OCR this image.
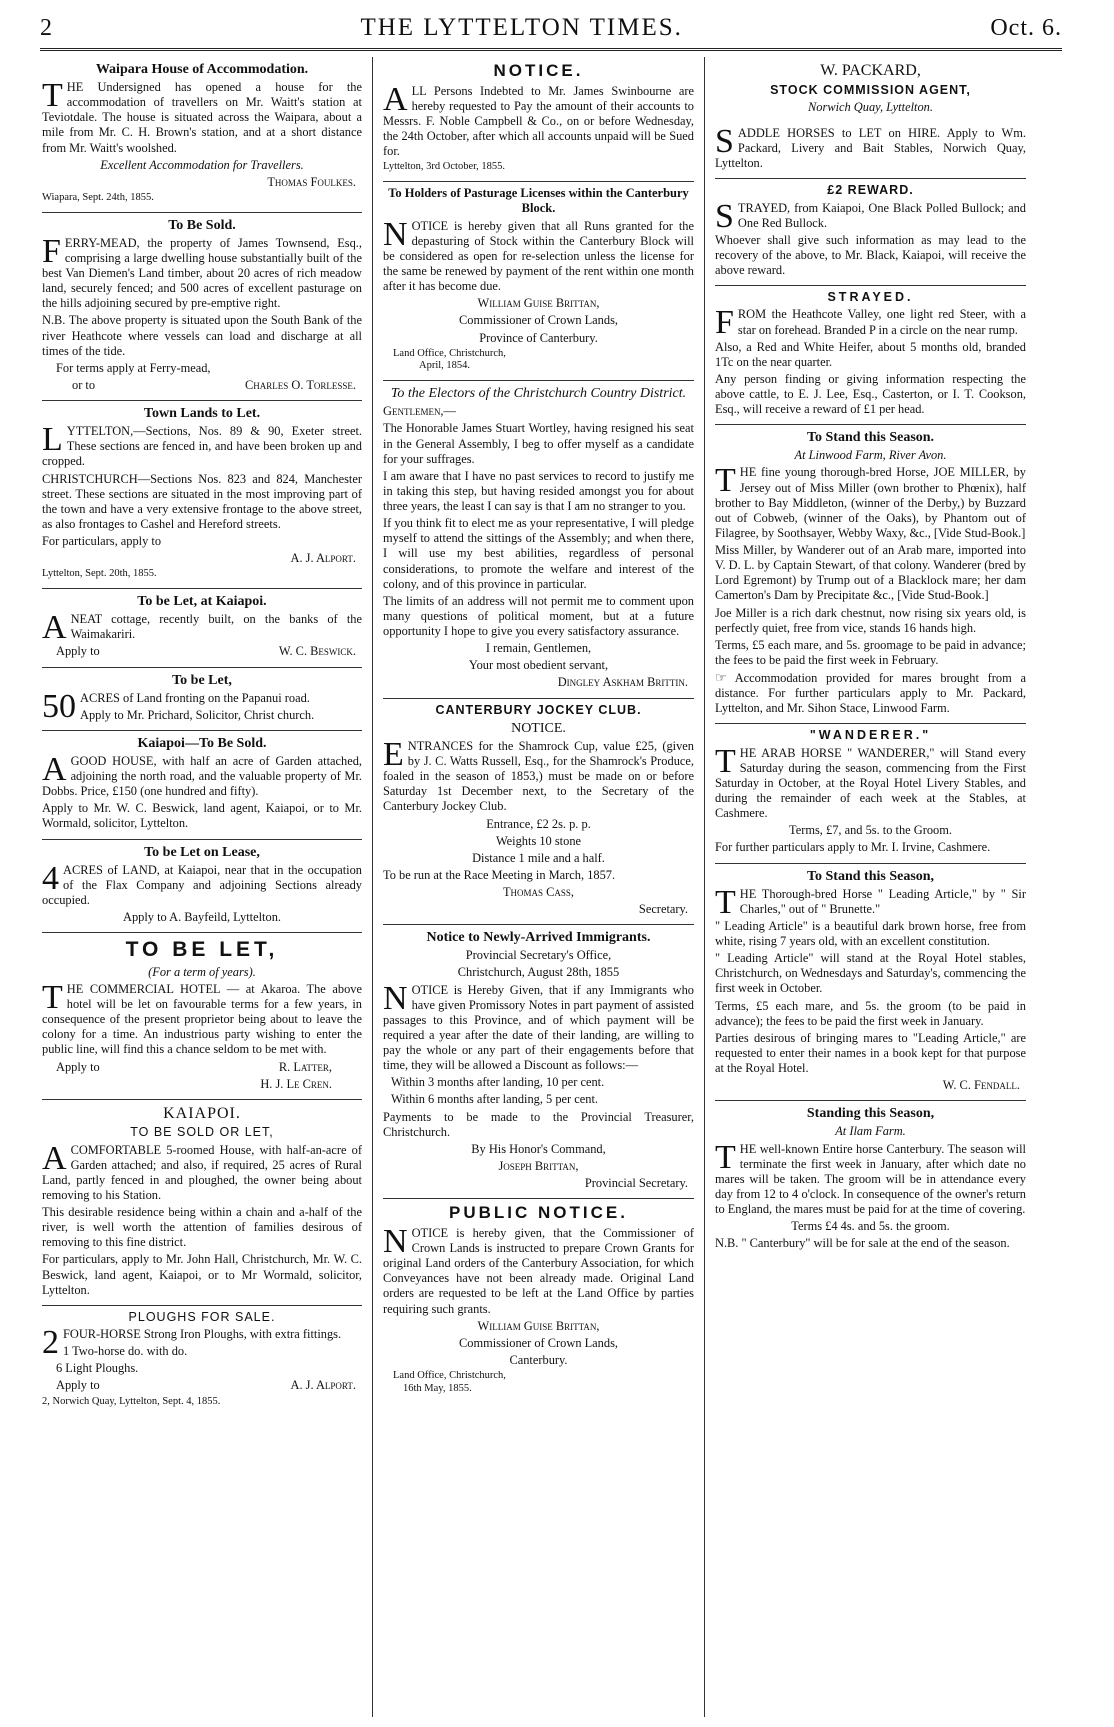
2	THE LYTTELTON TIMES.	Oct. 6.
Waipara House of Accommodation.

THE Undersigned has opened a house for the accommodation of travellers on Mr. Waitt's station at Teviotdale. The house is situated across the Waipara, about a mile from Mr. C. H. Brown's station, and at a short distance from Mr. Waitt's woolshed.

Excellent Accommodation for Travellers.

Thomas Foulkes.

Wiapara, Sept. 24th, 1855.

To Be Sold.

FERRY-MEAD, the property of James Townsend, Esq., comprising a large dwelling house substantially built of the best Van Diemen's Land timber, about 20 acres of rich meadow land, securely fenced; and 500 acres of excellent pasturage on the hills adjoining secured by pre-emptive right.

N.B. The above property is situated upon the South Bank of the river Heathcote where vessels can load and discharge at all times of the tide.

For terms apply at Ferry-mead,

or to	Charles O. Torlesse.

Town Lands to Let.

LYTTELTON,—Sections, Nos. 89 & 90, Exeter street. These sections are fenced in, and have been broken up and cropped.

CHRISTCHURCH—Sections Nos. 823 and 824, Manchester street. These sections are situated in the most improving part of the town and have a very extensive frontage to the above street, as also frontages to Cashel and Hereford streets.

For particulars, apply to

A. J. Alport.

Lyttelton, Sept. 20th, 1855.

To be Let, at Kaiapoi.

ANEAT cottage, recently built, on the banks of the Waimakariri.

Apply to	W. C. Beswick.

To be Let,

50 ACRES of Land fronting on the Papanui road.

Apply to Mr. Prichard, Solicitor, Christ church.

Kaiapoi—To Be Sold.

AGOOD HOUSE, with half an acre of Garden attached, adjoining the north road, and the valuable property of Mr. Dobbs. Price, £150 (one hundred and fifty).

Apply to Mr. W. C. Beswick, land agent, Kaiapoi, or to Mr. Wormald, solicitor, Lyttelton.

To be Let on Lease,

4 ACRES of LAND, at Kaiapoi, near that in the occupation of the Flax Company and adjoining Sections already occupied.

Apply to A. Bayfeild, Lyttelton.

TO BE LET,

(For a term of years).

THE COMMERCIAL HOTEL — at Akaroa. The above hotel will be let on favourable terms for a few years, in consequence of the present proprietor being about to leave the colony for a time. An industrious party wishing to enter the public line, will find this a chance seldom to be met with.

Apply to	R. Latter,

H. J. Le Cren.

KAIAPOI.
TO BE SOLD OR LET,

ACOMFORTABLE 5-roomed House, with half-an-acre of Garden attached; and also, if required, 25 acres of Rural Land, partly fenced in and ploughed, the owner being about removing to his Station.

This desirable residence being within a chain and a-half of the river, is well worth the attention of families desirous of removing to this fine district.

For particulars, apply to Mr. John Hall, Christchurch, Mr. W. C. Beswick, land agent, Kaiapoi, or to Mr Wormald, solicitor, Lyttelton.

PLOUGHS FOR SALE.

2 FOUR-HORSE Strong Iron Ploughs, with extra fittings.

1 Two-horse do. with do.

6 Light Ploughs.

Apply to	A. J. Alport.

2, Norwich Quay, Lyttelton, Sept. 4, 1855.

NOTICE.

ALL Persons Indebted to Mr. James Swinbourne are hereby requested to Pay the amount of their accounts to Messrs. F. Noble Campbell & Co., on or before Wednesday, the 24th October, after which all accounts unpaid will be Sued for.

Lyttelton, 3rd October, 1855.

To Holders of Pasturage Licenses within the Canterbury Block.

NOTICE is hereby given that all Runs granted for the depasturing of Stock within the Canterbury Block will be considered as open for re-selection unless the license for the same be renewed by payment of the rent within one month after it has become due.

William Guise Brittan,

Commissioner of Crown Lands,

Province of Canterbury.

Land Office, Christchurch,

April, 1854.

To the Electors of the Christchurch Country District.

Gentlemen,—

The Honorable James Stuart Wortley, having resigned his seat in the General Assembly, I beg to offer myself as a candidate for your suffrages.

I am aware that I have no past services to record to justify me in taking this step, but having resided amongst you for about three years, the least I can say is that I am no stranger to you.

If you think fit to elect me as your representative, I will pledge myself to attend the sittings of the Assembly; and when there, I will use my best abilities, regardless of personal considerations, to promote the welfare and interest of the colony, and of this province in particular.

The limits of an address will not permit me to comment upon many questions of political moment, but at a future opportunity I hope to give you every satisfactory assurance.

I remain, Gentlemen,

Your most obedient servant,

Dingley Askham Brittin.

CANTERBURY JOCKEY CLUB.
NOTICE.

ENTRANCES for the Shamrock Cup, value £25, (given by J. C. Watts Russell, Esq., for the Shamrock's Produce, foaled in the season of 1853,) must be made on or before Saturday 1st December next, to the Secretary of the Canterbury Jockey Club.

Entrance, £2 2s. p. p.

Weights 10 stone

Distance 1 mile and a half.

To be run at the Race Meeting in March, 1857.

Thomas Cass,

Secretary.

Notice to Newly-Arrived Immigrants.

Provincial Secretary's Office,

Christchurch, August 28th, 1855

NOTICE is Hereby Given, that if any Immigrants who have given Promissory Notes in part payment of assisted passages to this Province, and of which payment will be required a year after the date of their landing, are willing to pay the whole or any part of their engagements before that time, they will be allowed a Discount as follows:—

Within 3 months after landing, 10 per cent.

Within 6 months after landing, 5 per cent.

Payments to be made to the Provincial Treasurer, Christchurch.

By His Honor's Command,

Joseph Brittan,

Provincial Secretary.

PUBLIC NOTICE.

NOTICE is hereby given, that the Commissioner of Crown Lands is instructed to prepare Crown Grants for original Land orders of the Canterbury Association, for which Conveyances have not been already made. Original Land orders are requested to be left at the Land Office by parties requiring such grants.

William Guise Brittan,

Commissioner of Crown Lands,

Canterbury.

Land Office, Christchurch,

16th May, 1855.

W. PACKARD,
STOCK COMMISSION AGENT,

Norwich Quay, Lyttelton.

SADDLE HORSES to LET on HIRE. Apply to Wm. Packard, Livery and Bait Stables, Norwich Quay, Lyttelton.

£2 REWARD.

STRAYED, from Kaiapoi, One Black Polled Bullock; and One Red Bullock.

Whoever shall give such information as may lead to the recovery of the above, to Mr. Black, Kaiapoi, will receive the above reward.

STRAYED.

FROM the Heathcote Valley, one light red Steer, with a star on forehead. Branded P in a circle on the near rump.

Also, a Red and White Heifer, about 5 months old, branded 1Tc on the near quarter.

Any person finding or giving information respecting the above cattle, to E. J. Lee, Esq., Casterton, or I. T. Cookson, Esq., will receive a reward of £1 per head.

To Stand this Season.

At Linwood Farm, River Avon.

THE fine young thorough-bred Horse, JOE MILLER, by Jersey out of Miss Miller (own brother to Phœnix), half brother to Bay Middleton, (winner of the Derby,) by Buzzard out of Cobweb, (winner of the Oaks), by Phantom out of Filagree, by Soothsayer, Webby Waxy, &c., [Vide Stud-Book.]

Miss Miller, by Wanderer out of an Arab mare, imported into V. D. L. by Captain Stewart, of that colony. Wanderer (bred by Lord Egremont) by Trump out of a Blacklock mare; her dam Camerton's Dam by Precipitate &c., [Vide Stud-Book.]

Joe Miller is a rich dark chestnut, now rising six years old, is perfectly quiet, free from vice, stands 16 hands high.

Terms, £5 each mare, and 5s. groomage to be paid in advance; the fees to be paid the first week in February.

☞ Accommodation provided for mares brought from a distance. For further particulars apply to Mr. Packard, Lyttelton, and Mr. Sihon Stace, Linwood Farm.

"WANDERER."

THE ARAB HORSE " WANDERER," will Stand every Saturday during the season, commencing from the First Saturday in October, at the Royal Hotel Livery Stables, and during the remainder of each week at the Stables, at Cashmere.

Terms, £7, and 5s. to the Groom.

For further particulars apply to Mr. I. Irvine, Cashmere.

To Stand this Season,

THE Thorough-bred Horse " Leading Article," by " Sir Charles," out of " Brunette."

" Leading Article" is a beautiful dark brown horse, free from white, rising 7 years old, with an excellent constitution.

" Leading Article" will stand at the Royal Hotel stables, Christchurch, on Wednesdays and Saturday's, commencing the first week in October.

Terms, £5 each mare, and 5s. the groom (to be paid in advance); the fees to be paid the first week in January.

Parties desirous of bringing mares to "Leading Article," are requested to enter their names in a book kept for that purpose at the Royal Hotel.

W. C. Fendall.

Standing this Season,

At Ilam Farm.

THE well-known Entire horse Canterbury. The season will terminate the first week in January, after which date no mares will be taken. The groom will be in attendance every day from 12 to 4 o'clock. In consequence of the owner's return to England, the mares must be paid for at the time of covering.

Terms £4 4s. and 5s. the groom.

N.B. " Canterbury" will be for sale at the end of the season.
